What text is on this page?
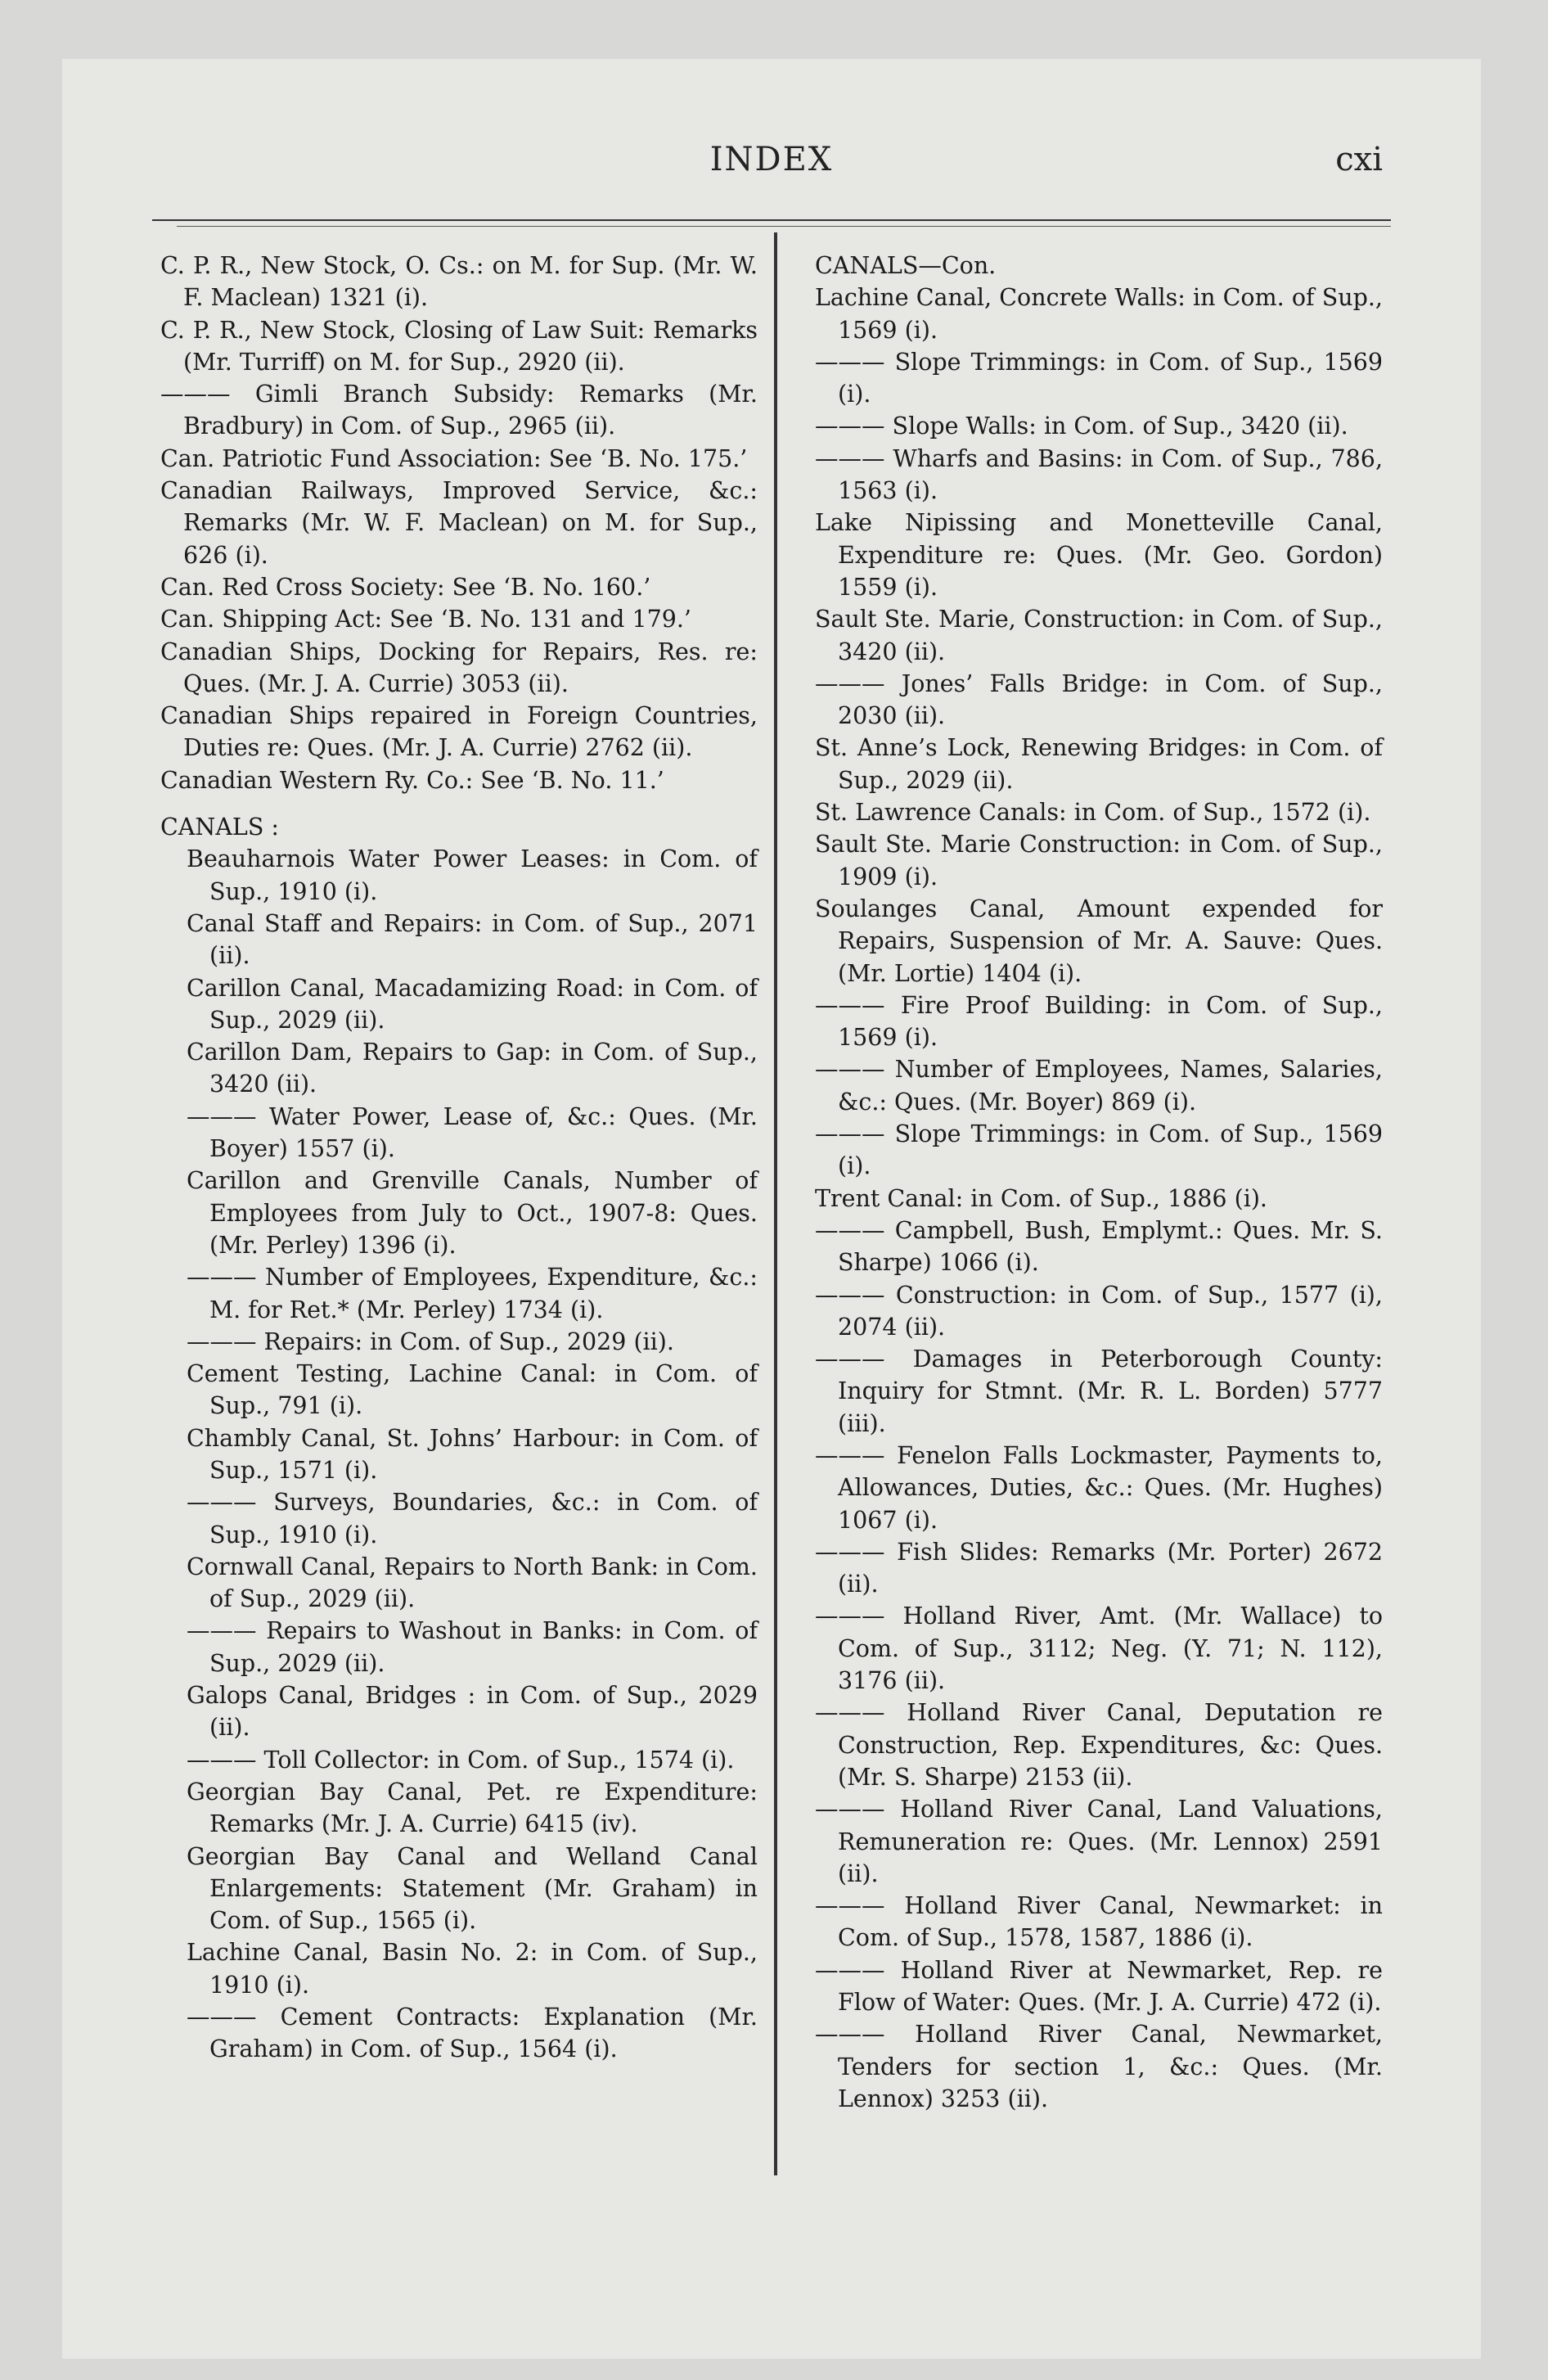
INDEX	cxi
C. P. R., New Stock, O. Cs.: on M. for Sup. (Mr. W. F. Maclean) 1321 (i).
C. P. R., New Stock, Closing of Law Suit: Remarks (Mr. Turriff) on M. for Sup., 2920 (ii).
——— Gimli Branch Subsidy: Remarks (Mr. Bradbury) in Com. of Sup., 2965 (ii).
Can. Patriotic Fund Association: See ‘B. No. 175.’
Canadian Railways, Improved Service, &c.: Remarks (Mr. W. F. Maclean) on M. for Sup., 626 (i).
Can. Red Cross Society: See ‘B. No. 160.’
Can. Shipping Act: See ‘B. No. 131 and 179.’
Canadian Ships, Docking for Repairs, Res. re: Ques. (Mr. J. A. Currie) 3053 (ii).
Canadian Ships repaired in Foreign Countries, Duties re: Ques. (Mr. J. A. Currie) 2762 (ii).
Canadian Western Ry. Co.: See ‘B. No. 11.’
CANALS :
Beauharnois Water Power Leases: in Com. of Sup., 1910 (i).
Canal Staff and Repairs: in Com. of Sup., 2071 (ii).
Carillon Canal, Macadamizing Road: in Com. of Sup., 2029 (ii).
Carillon Dam, Repairs to Gap: in Com. of Sup., 3420 (ii).
——— Water Power, Lease of, &c.: Ques. (Mr. Boyer) 1557 (i).
Carillon and Grenville Canals, Number of Employees from July to Oct., 1907-8: Ques. (Mr. Perley) 1396 (i).
——— Number of Employees, Expenditure, &c.: M. for Ret.* (Mr. Perley) 1734 (i).
——— Repairs: in Com. of Sup., 2029 (ii).
Cement Testing, Lachine Canal: in Com. of Sup., 791 (i).
Chambly Canal, St. Johns’ Harbour: in Com. of Sup., 1571 (i).
——— Surveys, Boundaries, &c.: in Com. of Sup., 1910 (i).
Cornwall Canal, Repairs to North Bank: in Com. of Sup., 2029 (ii).
——— Repairs to Washout in Banks: in Com. of Sup., 2029 (ii).
Galops Canal, Bridges : in Com. of Sup., 2029 (ii).
——— Toll Collector: in Com. of Sup., 1574 (i).
Georgian Bay Canal, Pet. re Expenditure: Remarks (Mr. J. A. Currie) 6415 (iv).
Georgian Bay Canal and Welland Canal Enlargements: Statement (Mr. Graham) in Com. of Sup., 1565 (i).
Lachine Canal, Basin No. 2: in Com. of Sup., 1910 (i).
——— Cement Contracts: Explanation (Mr. Graham) in Com. of Sup., 1564 (i).
CANALS—Con.
Lachine Canal, Concrete Walls: in Com. of Sup., 1569 (i).
——— Slope Trimmings: in Com. of Sup., 1569 (i).
——— Slope Walls: in Com. of Sup., 3420 (ii).
——— Wharfs and Basins: in Com. of Sup., 786, 1563 (i).
Lake Nipissing and Monetteville Canal, Expenditure re: Ques. (Mr. Geo. Gordon) 1559 (i).
Sault Ste. Marie, Construction: in Com. of Sup., 3420 (ii).
——— Jones’ Falls Bridge: in Com. of Sup., 2030 (ii).
St. Anne’s Lock, Renewing Bridges: in Com. of Sup., 2029 (ii).
St. Lawrence Canals: in Com. of Sup., 1572 (i).
Sault Ste. Marie Construction: in Com. of Sup., 1909 (i).
Soulanges Canal, Amount expended for Repairs, Suspension of Mr. A. Sauve: Ques. (Mr. Lortie) 1404 (i).
——— Fire Proof Building: in Com. of Sup., 1569 (i).
——— Number of Employees, Names, Salaries, &c.: Ques. (Mr. Boyer) 869 (i).
——— Slope Trimmings: in Com. of Sup., 1569 (i).
Trent Canal: in Com. of Sup., 1886 (i).
——— Campbell, Bush, Emplymt.: Ques. Mr. S. Sharpe) 1066 (i).
——— Construction: in Com. of Sup., 1577 (i), 2074 (ii).
——— Damages in Peterborough County: Inquiry for Stmnt. (Mr. R. L. Borden) 5777 (iii).
——— Fenelon Falls Lockmaster, Payments to, Allowances, Duties, &c.: Ques. (Mr. Hughes) 1067 (i).
——— Fish Slides: Remarks (Mr. Porter) 2672 (ii).
——— Holland River, Amt. (Mr. Wallace) to Com. of Sup., 3112; Neg. (Y. 71; N. 112), 3176 (ii).
——— Holland River Canal, Deputation re Construction, Rep. Expenditures, &c: Ques. (Mr. S. Sharpe) 2153 (ii).
——— Holland River Canal, Land Valuations, Remuneration re: Ques. (Mr. Lennox) 2591 (ii).
——— Holland River Canal, Newmarket: in Com. of Sup., 1578, 1587, 1886 (i).
——— Holland River at Newmarket, Rep. re Flow of Water: Ques. (Mr. J. A. Currie) 472 (i).
——— Holland River Canal, Newmarket, Tenders for section 1, &c.: Ques. (Mr. Lennox) 3253 (ii).
